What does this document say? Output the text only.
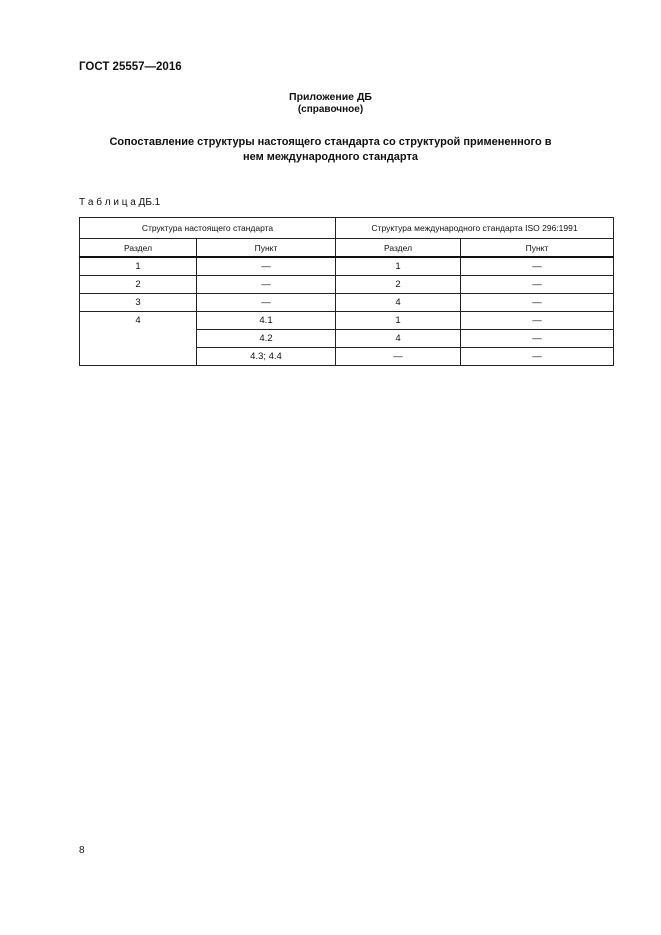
ГОСТ 25557—2016
Приложение ДБ
(справочное)
Сопоставление структуры настоящего стандарта со структурой примененного в нем международного стандарта
Т а б л и ц а ДБ.1
Структура настоящего стандарта		Структура международного стандарта ISO 296:1991	
Раздел	Пункт	Раздел	Пункт
1	—	1	—
2	—	2	—
3	—	4	—
4	4.1	1	—
	4.2	4	—
	4.3; 4.4	—	—
8
